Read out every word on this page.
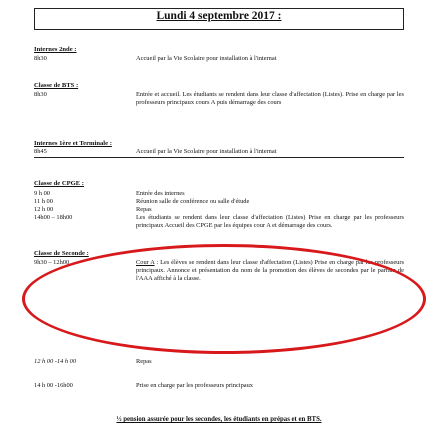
Lundi 4 septembre 2017 :
Internes 2nde :
8h30	Accueil par la Vie Scolaire pour installation à l'internat
Classe de BTS :
8h30	Entrée et accueil. Les étudiants se rendent dans leur classe d'affectation (Listes). Prise en charge par les professeurs principaux cours A puis démarrage des cours
Internes 1ère et Terminale :
8h45	Accueil par la Vie Scolaire pour installation à l'internat
Classe de CPGE :
9 h 00	Entrée des internes
11 h 00	Réunion salle de conférence ou salle d'étude
12 h 00	Repas
14h00 – 18h00	Les étudiants se rendent dans leur classe d'affectation (Listes) Prise en charge par les professeurs principaux Accueil des CPGE par les équipes cour A et démarrage des cours.
Classe de Seconde :
9h30 – 12h00	Cour A : Les élèves se rendent dans leur classe d'affectation (Listes) Prise en charge par les professeurs principaux. Annonce et présentation du nom de la promotion des élèves de secondes par le parrain de l'AAA affiché à la classe.
12 h 00 -14 h 00	Repas
14 h 00 -16h00	Prise en charge par les professeurs principaux
½ pension assurée pour les secondes, les étudiants en prépas et en BTS.
